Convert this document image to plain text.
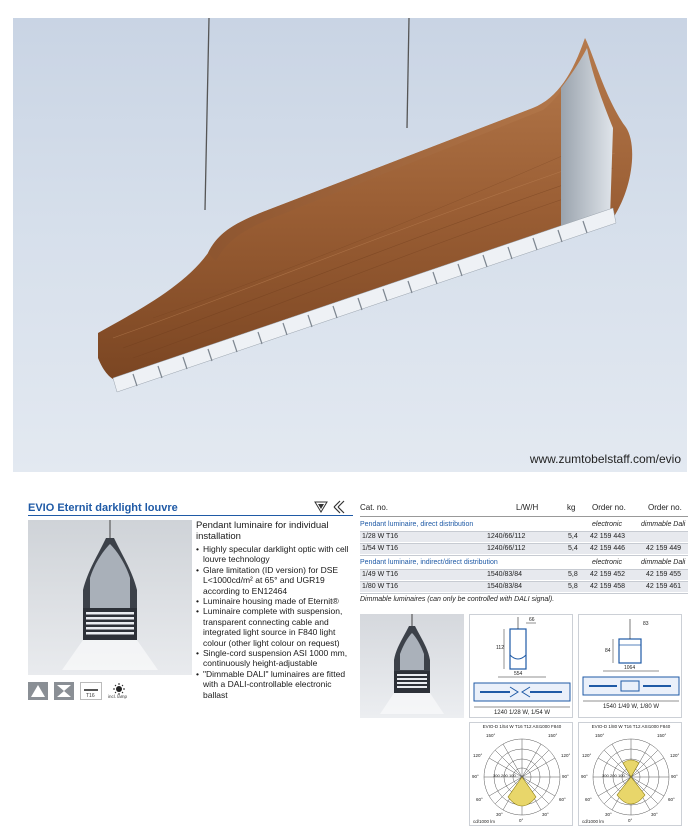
www.zumtobelstaff.com/evio
EVIO Eternit darklight louvre	Cat. no.	L/W/H	kg Order no.	Order no.
T16	incl. lamp
Pendant luminaire for individual installation
• Highly specular darklight optic with cell louvre technology
• Glare limitation (ID version) for DSE L<1000cd/m² at 65° and UGR19 according to EN12464
• Luminaire housing made of Eternit®
• Luminaire complete with suspension, transparent connecting cable and integrated light source in F840 light colour (other light colour on request)
• Single-cord suspension ASI 1000 mm, continuously height-adjustable
• "Dimmable DALI" luminaires are fitted with a DALI-controllable electronic ballast
Pendant luminaire, direct distribution	electronic	dimmable Dali
1/28 W T16	1240/66/112	5,4 42 159 443
1/54 W T16	1240/66/112	5,4 42 159 446	42 159 449
Pendant luminaire, indirect/direct distribution	electronic	dimmable Dali
1/49 W T16	1540/83/84	5,8 42 159 452	42 159 455
1/80 W T16	1540/83/84	5,8 42 159 458	42 159 461
Dimmable luminaires (can only be controlled with DALI signal).
66
112
554
1240 1/28 W, 1/54 W
83
84
1064
1540 1/49 W, 1/80 W
EVIO-D 1/54 W T16 T12 ASI1000 F840
cd/1000 lm
150°	150°
120°	120°
90°	90°
60°	60°
30°	30°
0°
300 200 100
EVIO-D 1/80 W T16 T12 ASI1000 F840
cd/1000 lm
150°	150°
120°	120°
90°	90°
60°	60°
30°	30°
0°
300 200 100
